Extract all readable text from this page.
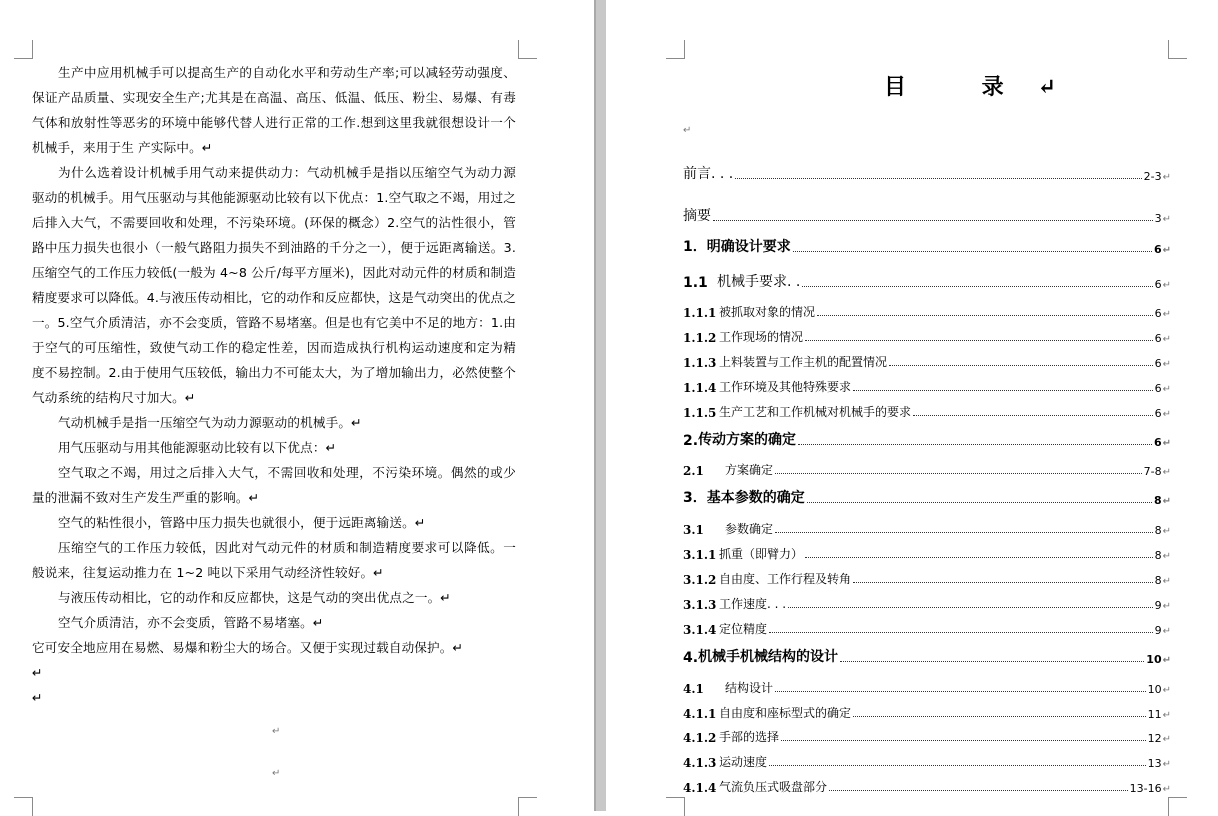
生产中应用机械手可以提高生产的自动化水平和劳动生产率;可以减轻劳动强度、保证产品质量、实现安全生产;尤其是在高温、高压、低温、低压、粉尘、易爆、有毒气体和放射性等恶劣的环境中能够代替人进行正常的工作.想到这里我就很想设计一个机械手，来用于生 产实际中。↵
为什么选着设计机械手用气动来提供动力：气动机械手是指以压缩空气为动力源驱动的机械手。用气压驱动与其他能源驱动比较有以下优点：1.空气取之不竭，用过之后排入大气，不需要回收和处理，不污染环境。(环保的概念）2.空气的沾性很小，管路中压力损失也很小（一般气路阻力损失不到油路的千分之一），便于远距离输送。3.压缩空气的工作压力较低(一般为 4~8 公斤/每平方厘米)，因此对动元件的材质和制造精度要求可以降低。4.与液压传动相比，它的动作和反应都快，这是气动突出的优点之一。5.空气介质清洁，亦不会变质，管路不易堵塞。但是也有它美中不足的地方：1.由于空气的可压缩性，致使气动工作的稳定性差，因而造成执行机构运动速度和定为精度不易控制。2.由于使用气压较低，输出力不可能太大，为了增加输出力，必然使整个气动系统的结构尺寸加大。↵
气动机械手是指一压缩空气为动力源驱动的机械手。↵
用气压驱动与用其他能源驱动比较有以下优点：↵
空气取之不竭，用过之后排入大气，不需回收和处理，不污染环境。偶然的或少量的泄漏不致对生产发生严重的影响。↵
空气的粘性很小，管路中压力损失也就很小，便于远距离输送。↵
压缩空气的工作压力较低，因此对气动元件的材质和制造精度要求可以降低。一般说来，往复运动推力在 1~2 吨以下采用气动经济性较好。↵
与液压传动相比，它的动作和反应都快，这是气动的突出优点之一。↵
空气介质清洁，亦不会变质，管路不易堵塞。↵
它可安全地应用在易燃、易爆和粉尘大的场合。又便于实现过载自动保护。↵
↵
↵
↵
↵
目 录↵
↵
前言. . .	2-3 ↵
摘要	3 ↵
1． 明确设计要求	6 ↵
1.1 机械手要求. .	6 ↵
1.1.1 被抓取对象的情况	6 ↵
1.1.2 工作现场的情况	6 ↵
1.1.3 上料装置与工作主机的配置情况	6 ↵
1.1.4 工作环境及其他特殊要求	6 ↵
1.1.5 生产工艺和工作机械对机械手的要求	6 ↵
2. 传动方案的确定	6 ↵
2.1	方案确定	7-8 ↵
3． 基本参数的确定	8 ↵
3.1	参数确定	8 ↵
3.1.1 抓重（即臂力）	8 ↵
3.1.2 自由度、工作行程及转角	8 ↵
3.1.3 工作速度. . .	9 ↵
3.1.4 定位精度	9 ↵
4. 机械手机械结构的设计	10 ↵
4.1	结构设计	10 ↵
4.1.1 自由度和座标型式的确定	11 ↵
4.1.2 手部的选择	12 ↵
4.1.3 运动速度	13 ↵
4.1.4 气流负压式吸盘部分	13-16 ↵
